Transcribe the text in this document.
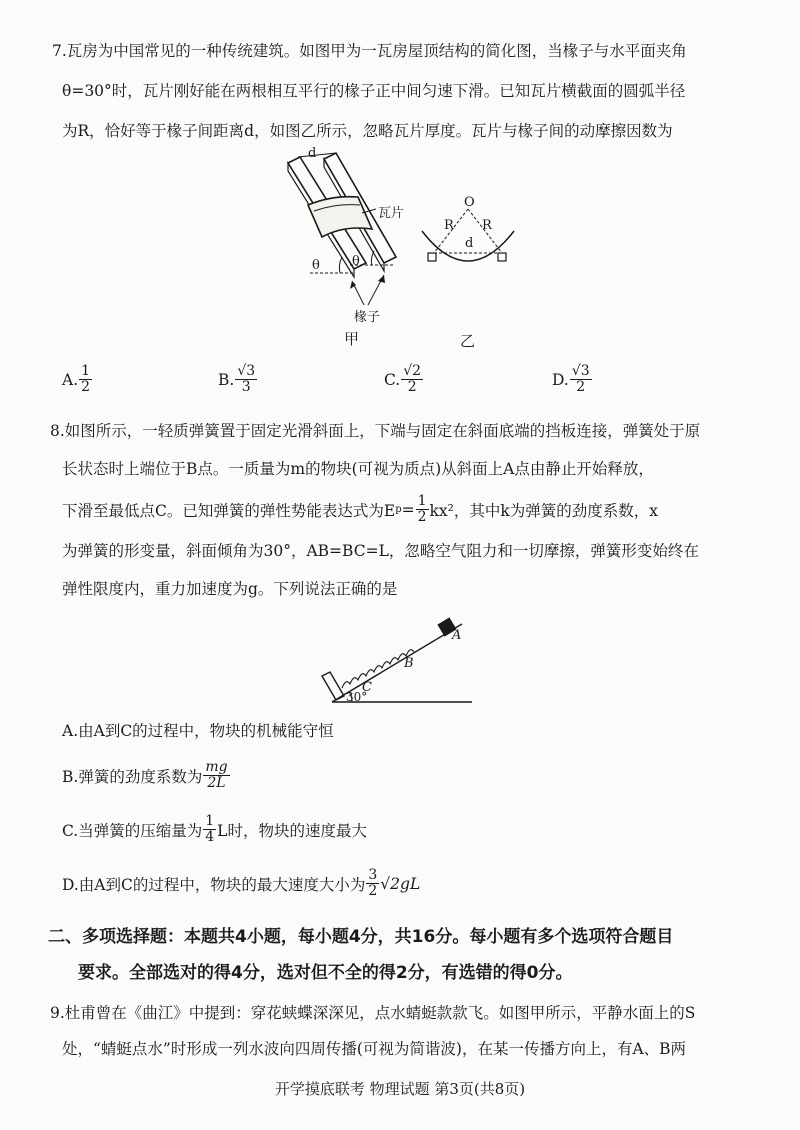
7.瓦房为中国常见的一种传统建筑。如图甲为一瓦房屋顶结构的简化图，当椽子与水平面夹角
θ=30°时，瓦片刚好能在两根相互平行的椽子正中间匀速下滑。已知瓦片横截面的圆弧半径
为R，恰好等于椽子间距离d，如图乙所示，忽略瓦片厚度。瓦片与椽子间的动摩擦因数为
d
瓦片
θ θ
椽子
甲
O
R R
d
乙
A. $\frac{1}{2}$	B. $\frac{√3}{3}$	C. $\frac{√2}{2}$	D. $\frac{√3}{2}$
8.如图所示，一轻质弹簧置于固定光滑斜面上，下端与固定在斜面底端的挡板连接，弹簧处于原
长状态时上端位于B点。一质量为m的物块(可视为质点)从斜面上A点由静止开始释放，
下滑至最低点C。已知弹簧的弹性势能表达式为E $p = \frac{1}{2} kx^2$，其中k为弹簧的劲度系数，x
为弹簧的形变量，斜面倾角为30°，AB=BC=L，忽略空气阻力和一切摩擦，弹簧形变始终在
弹性限度内，重力加速度为g。下列说法正确的是
A
B
C
30°
A.由A到C的过程中，物块的机械能守恒
B.弹簧的劲度系数为 $\frac{mg}{2L}$
C.当弹簧的压缩量为 $\frac{1}{4}$ L时，物块的速度最大
D.由A到C的过程中，物块的最大速度大小为 $\frac{3}{2} √2gL$
二、多项选择题：本题共4小题，每小题4分，共16分。每小题有多个选项符合题目
要求。全部选对的得4分，选对但不全的得2分，有选错的得0分。
9.杜甫曾在《曲江》中提到：穿花蛱蝶深深见，点水蜻蜓款款飞。如图甲所示，平静水面上的S
处，“蜻蜓点水”时形成一列水波向四周传播(可视为简谐波)，在某一传播方向上，有A、B两
开学摸底联考 物理试题 第3页(共8页)
